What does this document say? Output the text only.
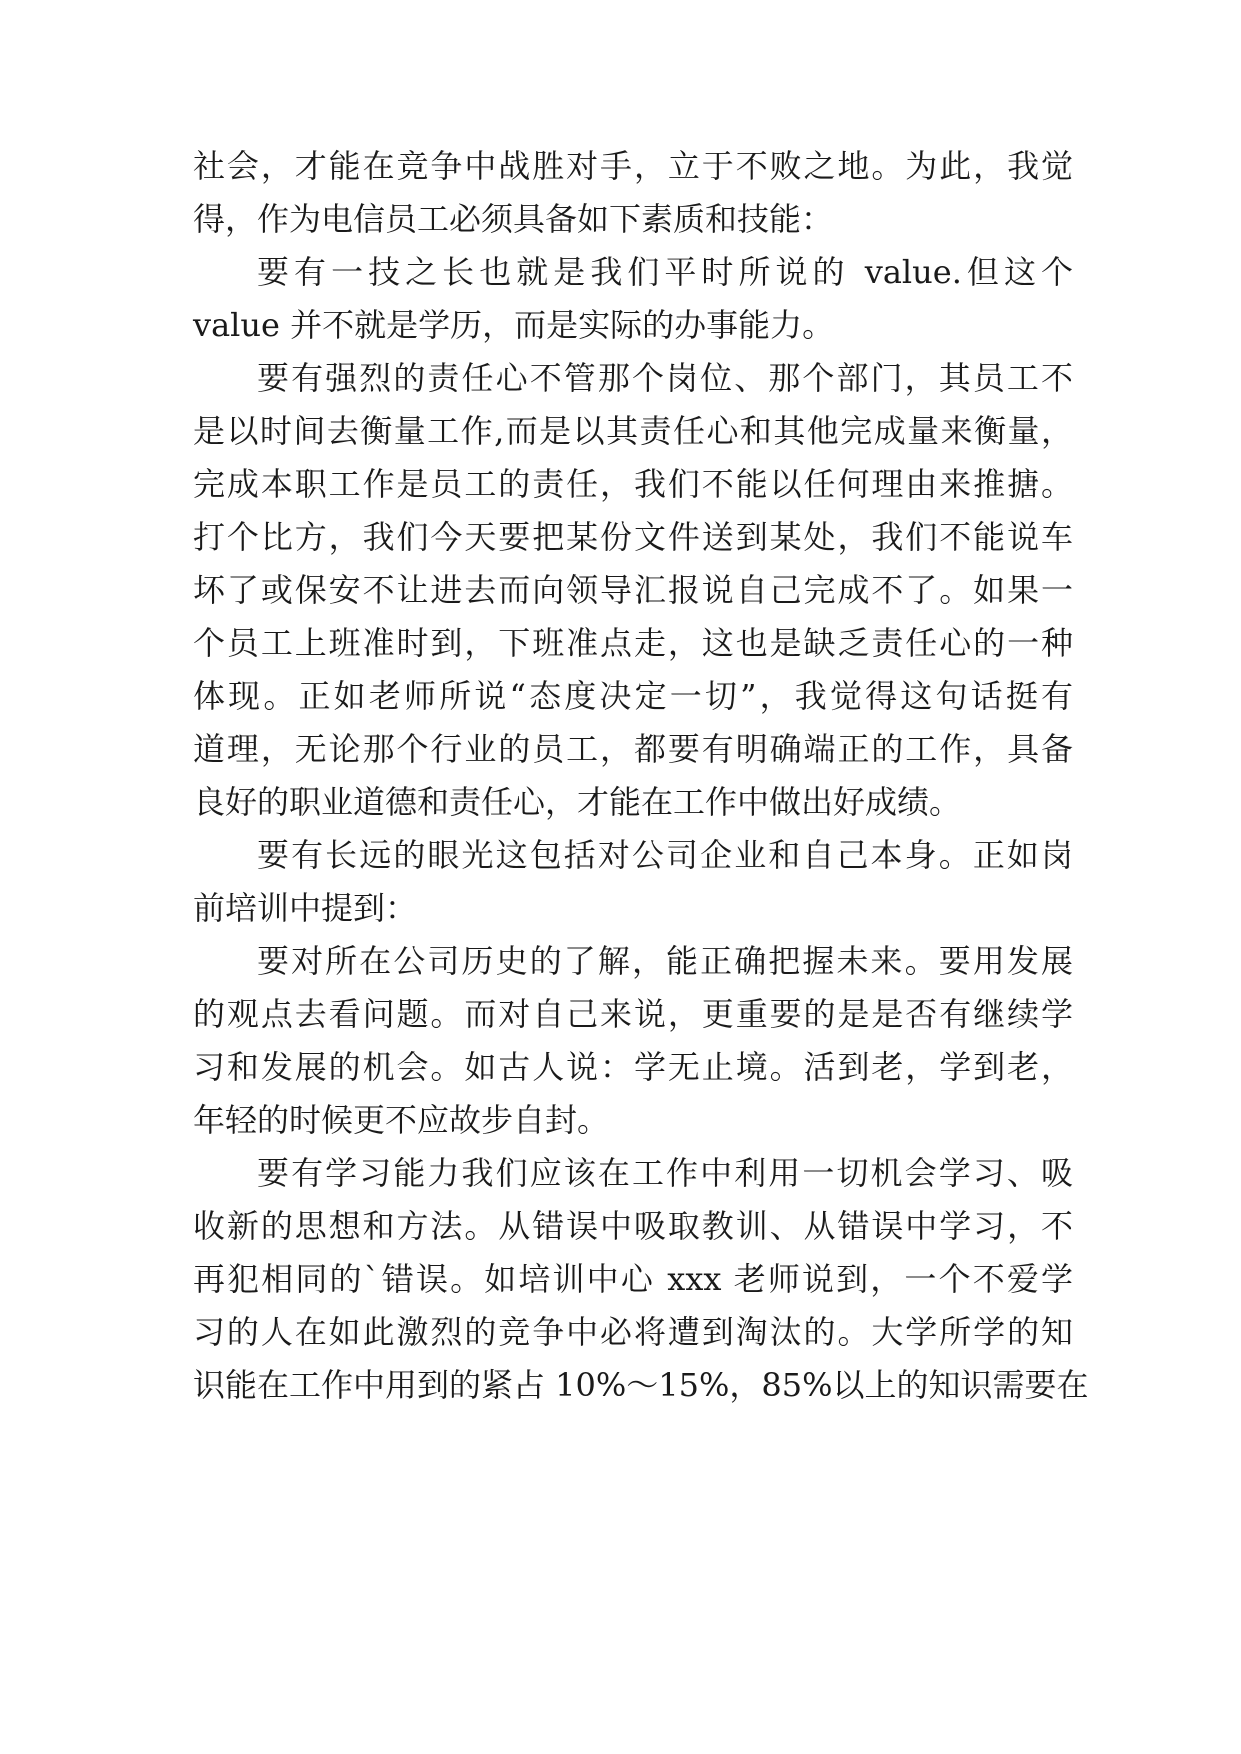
社会，才能在竞争中战胜对手，立于不败之地。为此，我觉
得，作为电信员工必须具备如下素质和技能：
要有一技之长也就是我们平时所说的 value.但这个
value 并不就是学历，而是实际的办事能力。
要有强烈的责任心不管那个岗位、那个部门，其员工不
是以时间去衡量工作,而是以其责任心和其他完成量来衡量，
完成本职工作是员工的责任，我们不能以任何理由来推搪。
打个比方，我们今天要把某份文件送到某处，我们不能说车
坏了或保安不让进去而向领导汇报说自己完成不了。如果一
个员工上班准时到，下班准点走，这也是缺乏责任心的一种
体现。正如老师所说“态度决定一切”，我觉得这句话挺有
道理，无论那个行业的员工，都要有明确端正的工作，具备
良好的职业道德和责任心，才能在工作中做出好成绩。
要有长远的眼光这包括对公司企业和自己本身。正如岗
前培训中提到：
要对所在公司历史的了解，能正确把握未来。要用发展
的观点去看问题。而对自己来说，更重要的是是否有继续学
习和发展的机会。如古人说：学无止境。活到老，学到老，
年轻的时候更不应故步自封。
要有学习能力我们应该在工作中利用一切机会学习、吸
收新的思想和方法。从错误中吸取教训、从错误中学习，不
再犯相同的`错误。如培训中心 xxx 老师说到，一个不爱学
习的人在如此激烈的竞争中必将遭到淘汰的。大学所学的知
识能在工作中用到的紧占 10%～15%，85%以上的知识需要在
